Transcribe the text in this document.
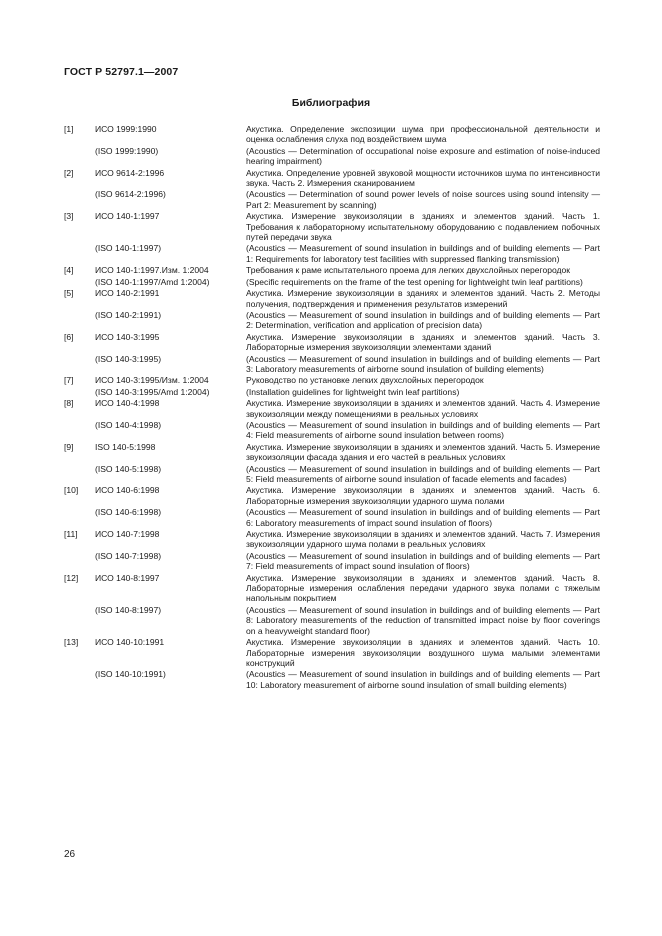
ГОСТ Р 52797.1—2007
Библиография
[1]	ИСО 1999:1990	Акустика. Определение экспозиции шума при профессиональной деятельности и оценка ослабления слуха под воздействием шума
(ISO 1999:1990)	(Acoustics — Determination of occupational noise exposure and estimation of noise-induced hearing impairment)
[2]	ИСО 9614-2:1996	Акустика. Определение уровней звуковой мощности источников шума по интенсивности звука. Часть 2. Измерения сканированием
(ISO 9614-2:1996)	(Acoustics — Determination of sound power levels of noise sources using sound intensity — Part 2: Measurement by scanning)
[3]	ИСО 140-1:1997	Акустика. Измерение звукоизоляции в зданиях и элементов зданий. Часть 1. Требования к лабораторному испытательному оборудованию с подавлением побочных путей передачи звука
(ISO 140-1:1997)	(Acoustics — Measurement of sound insulation in buildings and of building elements — Part 1: Requirements for laboratory test facilities with suppressed flanking transmission)
[4]	ИСО 140-1:1997.Изм. 1:2004	Требования к раме испытательного проема для легких двухслойных перегородок
(ISO 140-1:1997/Amd 1:2004)	(Specific requirements on the frame of the test opening for lightweight twin leaf partitions)
[5]	ИСО 140-2:1991	Акустика. Измерение звукоизоляции в зданиях и элементов зданий. Часть 2. Методы получения, подтверждения и применения результатов измерений
(ISO 140-2:1991)	(Acoustics — Measurement of sound insulation in buildings and of building elements — Part 2: Determination, verification and application of precision data)
[6]	ИСО 140-3:1995	Акустика. Измерение звукоизоляции в зданиях и элементов зданий. Часть 3. Лабораторные измерения звукоизоляции элементами зданий
(ISO 140-3:1995)	(Acoustics — Measurement of sound insulation in buildings and of building elements — Part 3: Laboratory measurements of airborne sound insulation of building elements)
[7]	ИСО 140-3:1995/Изм. 1:2004	Руководство по установке легких двухслойных перегородок
(ISO 140-3:1995/Amd 1:2004)	(Installation guidelines for lightweight twin leaf partitions)
[8]	ИСО 140-4:1998	Акустика. Измерение звукоизоляции в зданиях и элементов зданий. Часть 4. Измерение звукоизоляции между помещениями в реальных условиях
(ISO 140-4:1998)	(Acoustics — Measurement of sound insulation in buildings and of building elements — Part 4: Field measurements of airborne sound insulation between rooms)
[9]	ISO 140-5:1998	Акустика. Измерение звукоизоляции в зданиях и элементов зданий. Часть 5. Измерение звукоизоляции фасада здания и его частей в реальных условиях
(ISO 140-5:1998)	(Acoustics — Measurement of sound insulation in buildings and of building elements — Part 5: Field measurements of airborne sound insulation of facade elements and facades)
[10]	ИСО 140-6:1998	Акустика. Измерение звукоизоляции в зданиях и элементов зданий. Часть 6. Лабораторные измерения звукоизоляции ударного шума полами
(ISO 140-6:1998)	(Acoustics — Measurement of sound insulation in buildings and of building elements — Part 6: Laboratory measurements of impact sound insulation of floors)
[11]	ИСО 140-7:1998	Акустика. Измерение звукоизоляции в зданиях и элементов зданий. Часть 7. Измерения звукоизоляции ударного шума полами в реальных условиях
(ISO 140-7:1998)	(Acoustics — Measurement of sound insulation in buildings and of building elements — Part 7: Field measurements of impact sound insulation of floors)
[12]	ИСО 140-8:1997	Акустика. Измерение звукоизоляции в зданиях и элементов зданий. Часть 8. Лабораторные измерения ослабления передачи ударного звука полами с тяжелым напольным покрытием
(ISO 140-8:1997)	(Acoustics — Measurement of sound insulation in buildings and of building elements — Part 8: Laboratory measurements of the reduction of transmitted impact noise by floor coverings on a heavyweight standard floor)
[13]	ИСО 140-10:1991	Акустика. Измерение звукоизоляции в зданиях и элементов зданий. Часть 10. Лабораторные измерения звукоизоляции воздушного шума малыми элементами конструкций
(ISO 140-10:1991)	(Acoustics — Measurement of sound insulation in buildings and of building elements — Part 10: Laboratory measurement of airborne sound insulation of small building elements)
26
